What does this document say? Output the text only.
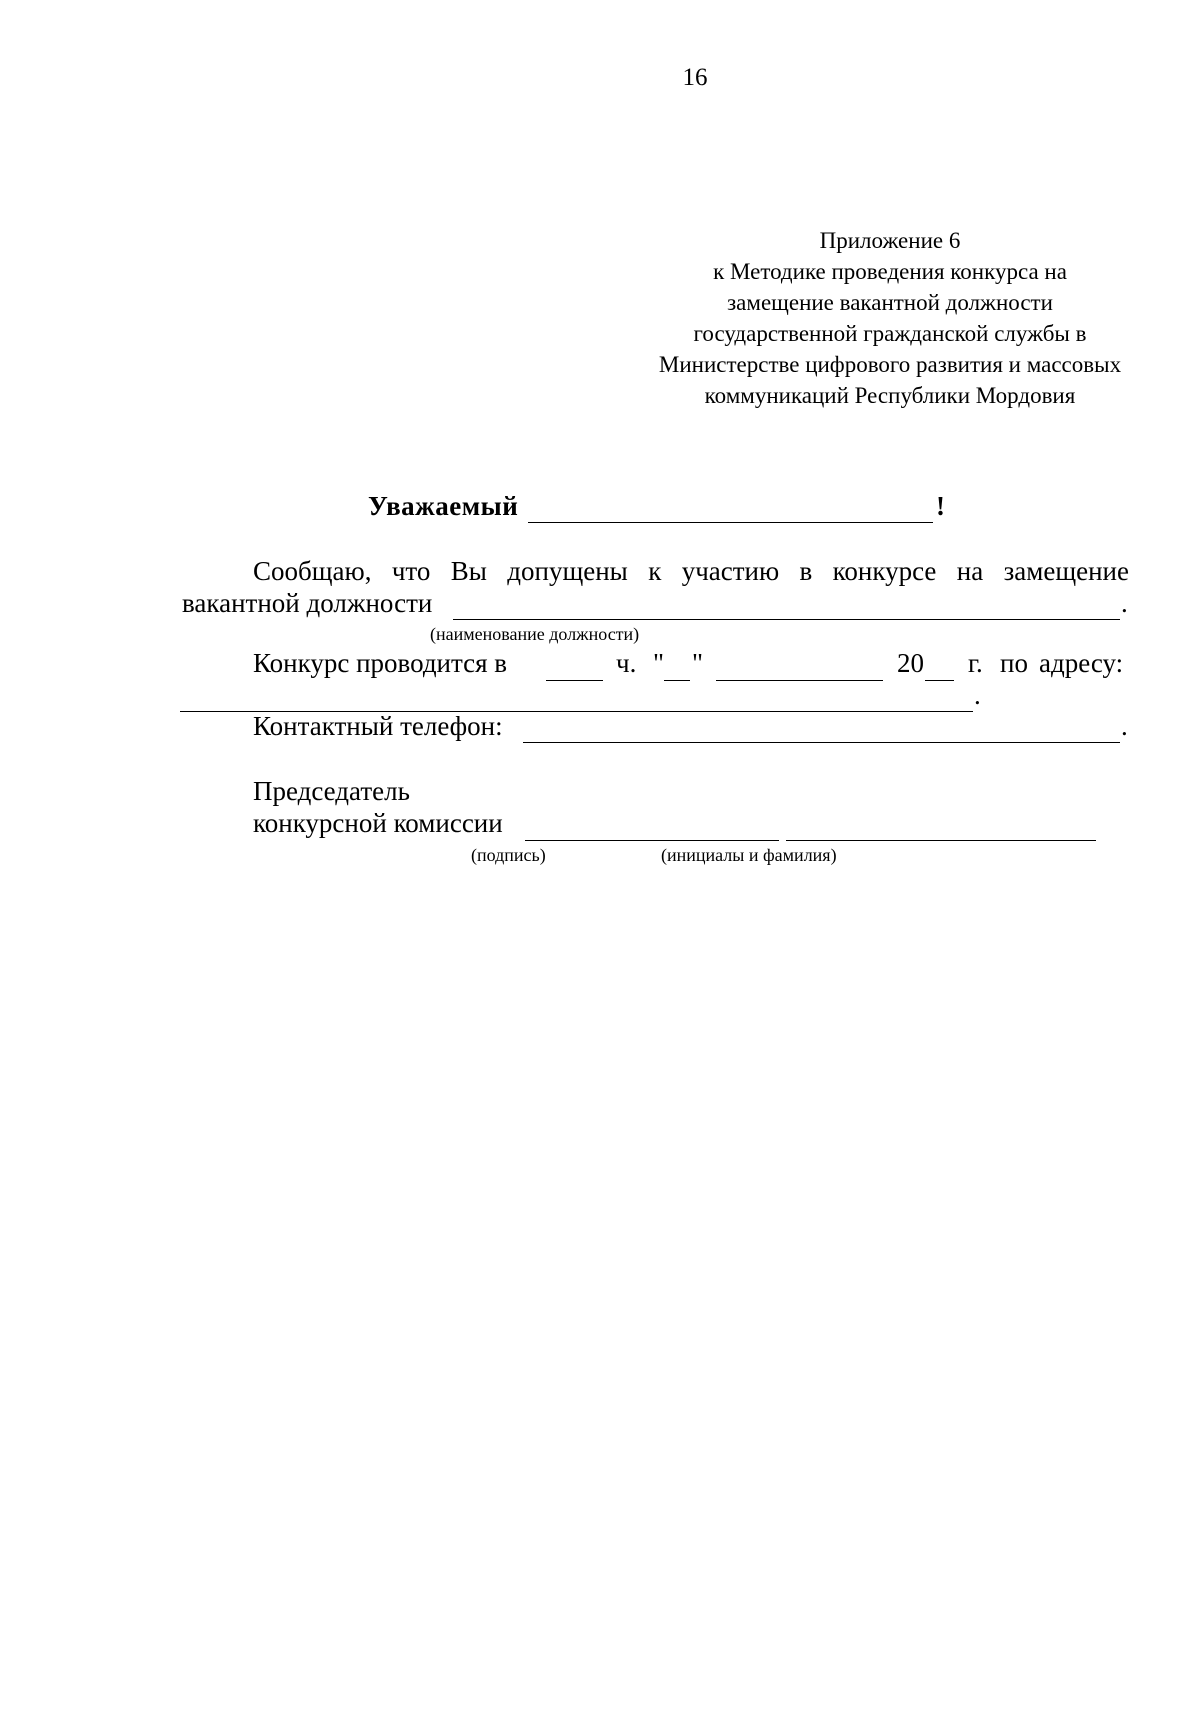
16
Приложение 6
к Методике проведения конкурса на
замещение вакантной должности
государственной гражданской службы в
Министерстве цифрового развития и массовых
коммуникаций Республики Мордовия
Уважаемый	!
Сообщаю, что Вы допущены к участию в конкурсе на замещение
вакантной должности	.
(наименование должности)
Конкурс проводится в	ч. " "	20 г. по адресу:
.
Контактный телефон:	.
Председатель
конкурсной комиссии
(подпись)	(инициалы и фамилия)
